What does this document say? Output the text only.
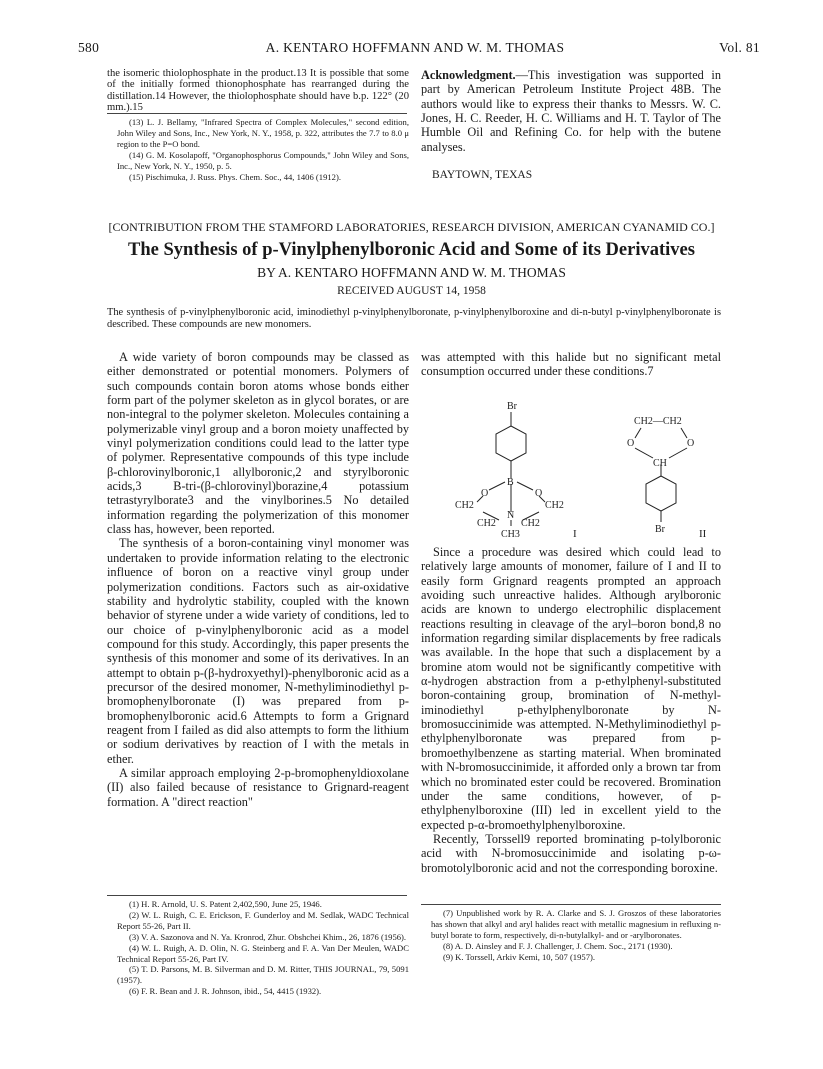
580	A. KENTARO HOFFMANN AND W. M. THOMAS	Vol. 81

the isomeric thiolophosphate in the product.13 It is possible that some of the initially formed thionophosphate has rearranged during the distillation.14 However, the thiolophosphate should have b.p. 122° (20 mm.).15

(13) L. J. Bellamy, "Infrared Spectra of Complex Molecules," second edition, John Wiley and Sons, Inc., New York, N. Y., 1958, p. 322, attributes the 7.7 to 8.0 μ region to the P=O bond.

(14) G. M. Kosolapoff, "Organophosphorus Compounds," John Wiley and Sons, Inc., New York, N. Y., 1950, p. 5.

(15) Pischimuka, J. Russ. Phys. Chem. Soc., 44, 1406 (1912).

Acknowledgment.—This investigation was supported in part by American Petroleum Institute Project 48B. The authors would like to express their thanks to Messrs. W. C. Jones, H. C. Reeder, H. C. Williams and H. T. Taylor of The Humble Oil and Refining Co. for help with the butene analyses.

BAYTOWN, TEXAS
[CONTRIBUTION FROM THE STAMFORD LABORATORIES, RESEARCH DIVISION, AMERICAN CYANAMID CO.]
The Synthesis of p-Vinylphenylboronic Acid and Some of its Derivatives
BY A. KENTARO HOFFMANN AND W. M. THOMAS
RECEIVED AUGUST 14, 1958
The synthesis of p-vinylphenylboronic acid, iminodiethyl p-vinylphenylboronate, p-vinylphenylboroxine and di-n-butyl p-vinylphenylboronate is described. These compounds are new monomers.

A wide variety of boron compounds may be classed as either demonstrated or potential monomers. Polymers of such compounds contain boron atoms whose bonds either form part of the polymer skeleton as in glycol borates, or are non-integral to the polymer skeleton. Molecules containing a polymerizable vinyl group and a boron moiety unaffected by vinyl polymerization conditions could lead to the latter type of polymer. Representative compounds of this type include β-chlorovinylboronic,1 allylboronic,2 and styrylboronic acids,3 B-tri-(β-chlorovinyl)borazine,4 potassium tetrastyrylborate3 and the vinylborines.5 No detailed information regarding the polymerization of this monomer class has, however, been reported.

The synthesis of a boron-containing vinyl monomer was undertaken to provide information relating to the electronic influence of boron on a reactive vinyl group under polymerization conditions. Factors such as air-oxidative stability and hydrolytic stability, coupled with the known behavior of styrene under a wide variety of conditions, led to our choice of p-vinylphenylboronic acid as a model compound for this study. Accordingly, this paper presents the synthesis of this monomer and some of its derivatives. In an attempt to obtain p-(β-hydroxyethyl)-phenylboronic acid as a precursor of the desired monomer, N-methyliminodiethyl p-bromophenylboronate (I) was prepared from p-bromophenylboronic acid.6 Attempts to form a Grignard reagent from I failed as did also attempts to form the lithium or sodium derivatives by reaction of I with the metals in ether.

A similar approach employing 2-p-bromophenyldioxolane (II) also failed because of resistance to Grignard-reagent formation. A "direct reaction"

(1) H. R. Arnold, U. S. Patent 2,402,590, June 25, 1946.

(2) W. L. Ruigh, C. E. Erickson, F. Gunderloy and M. Sedlak, WADC Technical Report 55-26, Part II.

(3) V. A. Sazonova and N. Ya. Kronrod, Zhur. Obshchei Khim., 26, 1876 (1956).

(4) W. L. Ruigh, A. D. Olin, N. G. Steinberg and F. A. Van Der Meulen, WADC Technical Report 55-26, Part IV.

(5) T. D. Parsons, M. B. Silverman and D. M. Ritter, THIS JOURNAL, 79, 5091 (1957).

(6) F. R. Bean and J. R. Johnson, ibid., 54, 4415 (1932).

was attempted with this halide but no significant metal consumption occurred under these conditions.7

Br
B
O	O
CH2	CH2
N
CH2	CH2
CH3	I
CH2—CH2
O	O
CH
Br	II

Since a procedure was desired which could lead to relatively large amounts of monomer, failure of I and II to easily form Grignard reagents prompted an approach avoiding such unreactive halides. Although arylboronic acids are known to undergo electrophilic displacement reactions resulting in cleavage of the aryl–boron bond,8 no information regarding similar displacements by free radicals was available. In the hope that such a displacement by a bromine atom would not be significantly competitive with α-hydrogen abstraction from a p-ethylphenyl-substituted boron-containing group, bromination of N-methyl-iminodiethyl p-ethylphenylboronate by N-bromosuccinimide was attempted. N-Methyliminodiethyl p-ethylphenylboronate was prepared from p-bromoethylbenzene as starting material. When brominated with N-bromosuccinimide, it afforded only a brown tar from which no brominated ester could be recovered. Bromination under the same conditions, however, of p-ethylphenylboroxine (III) led in excellent yield to the expected p-α-bromoethylphenylboroxine.

Recently, Torssell9 reported brominating p-tolylboronic acid with N-bromosuccinimide and isolating p-ω-bromotolylboronic acid and not the corresponding boroxine.

(7) Unpublished work by R. A. Clarke and S. J. Groszos of these laboratories has shown that alkyl and aryl halides react with metallic magnesium in refluxing n-butyl borate to form, respectively, di-n-butylalkyl- and or -arylboronates.

(8) A. D. Ainsley and F. J. Challenger, J. Chem. Soc., 2171 (1930).

(9) K. Torssell, Arkiv Kemi, 10, 507 (1957).
